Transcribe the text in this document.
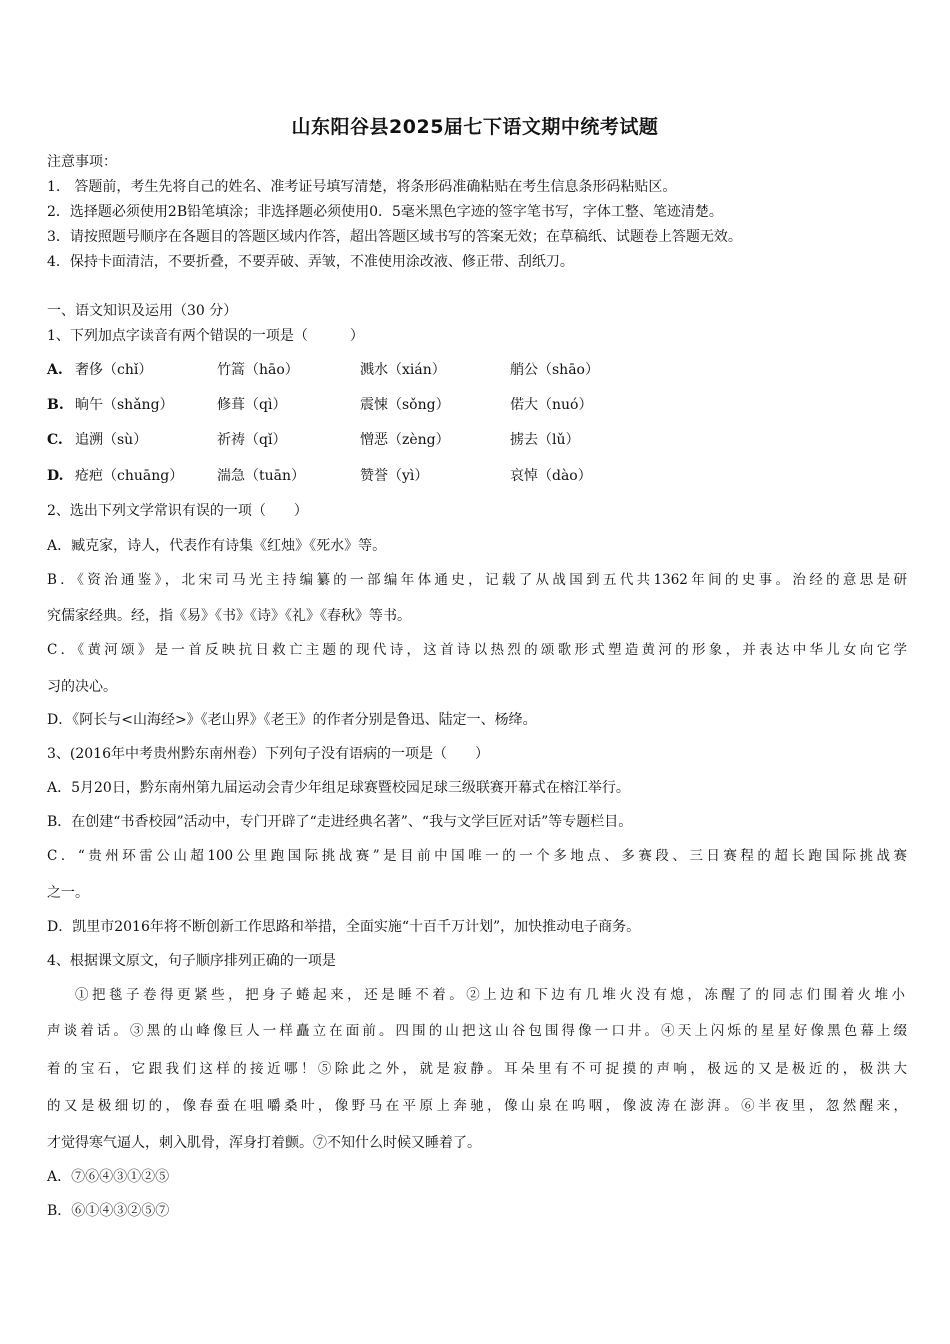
山东阳谷县2025届七下语文期中统考试题
注意事项：
1.　答题前，考生先将自己的姓名、准考证号填写清楚，将条形码准确粘贴在考生信息条形码粘贴区。
2．选择题必须使用2B铅笔填涂；非选择题必须使用0．5毫米黑色字迹的签字笔书写，字体工整、笔迹清楚。
3．请按照题号顺序在各题目的答题区域内作答，超出答题区域书写的答案无效；在草稿纸、试题卷上答题无效。
4．保持卡面清洁，不要折叠，不要弄破、弄皱，不准使用涂改液、修正带、刮纸刀。
一、语文知识及运用（30 分）
1、下列加点字读音有两个错误的一项是（　　　）
A. 奢侈（chǐ）	竹篙（hāo）	溅水（xián）	艄公（shāo）
B. 晌午（shǎng）	修葺（qì）	震悚（sǒng）	偌大（nuó）
C. 追溯（sù）	祈祷（qǐ）	憎恶（zèng）	掳去（lǔ）
D. 疮疤（chuāng） 湍急（tuān）	赞誉（yì）	哀悼（dào）
2、选出下列文学常识有误的一项（　　）
A．臧克家，诗人，代表作有诗集《红烛》《死水》等。
B．《资治通鉴》，北宋司马光主持编纂的一部编年体通史，记载了从战国到五代共1362年间的史事。治经的意思是研
究儒家经典。经，指《易》《书》《诗》《礼》《春秋》等书。
C．《黄河颂》是一首反映抗日救亡主题的现代诗，这首诗以热烈的颂歌形式塑造黄河的形象，并表达中华儿女向它学
习的决心。
D．《阿长与<山海经>》《老山界》《老王》的作者分别是鲁迅、陆定一、杨绛。
3、(2016年中考贵州黔东南州卷）下列句子没有语病的一项是（　　）
A．5月20日，黔东南州第九届运动会青少年组足球赛暨校园足球三级联赛开幕式在榕江举行。
B．在创建“书香校园”活动中，专门开辟了“走进经典名著”、“我与文学巨匠对话”等专题栏目。
C．“贵州环雷公山超100公里跑国际挑战赛”是目前中国唯一的一个多地点、多赛段、三日赛程的超长跑国际挑战赛
之一。
D．凯里市2016年将不断创新工作思路和举措，全面实施“十百千万计划”，加快推动电子商务。
4、根据课文原文，句子顺序排列正确的一项是
①把毯子卷得更紧些，把身子蜷起来，还是睡不着。②上边和下边有几堆火没有熄，冻醒了的同志们围着火堆小
声谈着话。③黑的山峰像巨人一样矗立在面前。四围的山把这山谷包围得像一口井。④天上闪烁的星星好像黑色幕上缀
着的宝石，它跟我们这样的接近哪！⑤除此之外，就是寂静。耳朵里有不可捉摸的声响，极远的又是极近的，极洪大
的又是极细切的，像春蚕在咀嚼桑叶，像野马在平原上奔驰，像山泉在呜咽，像波涛在澎湃。⑥半夜里，忽然醒来，
才觉得寒气逼人，刺入肌骨，浑身打着颤。⑦不知什么时候又睡着了。
A．⑦⑥④③①②⑤
B．⑥①④③②⑤⑦
